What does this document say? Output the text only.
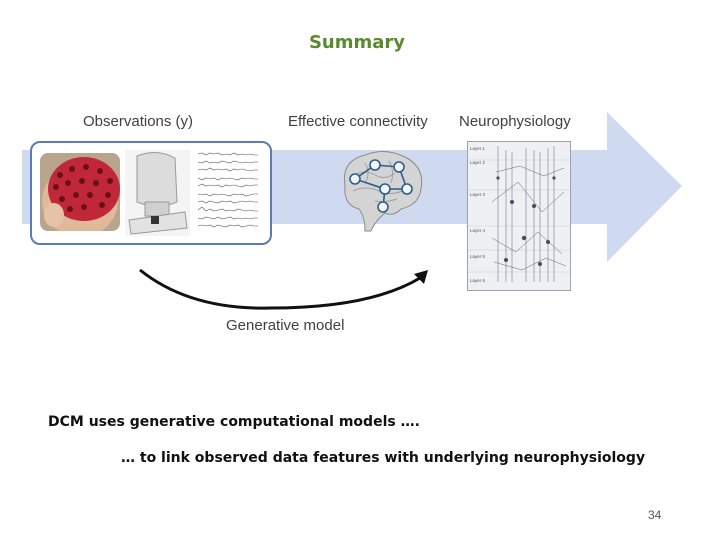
Summary
Observations (y)	Effective connectivity Neurophysiology
Layer 1
Layer 2
Layer 3
Layer 4
Layer 5
Layer 6
Generative model
DCM uses generative computational models ….
… to link observed data features with underlying neurophysiology
34
